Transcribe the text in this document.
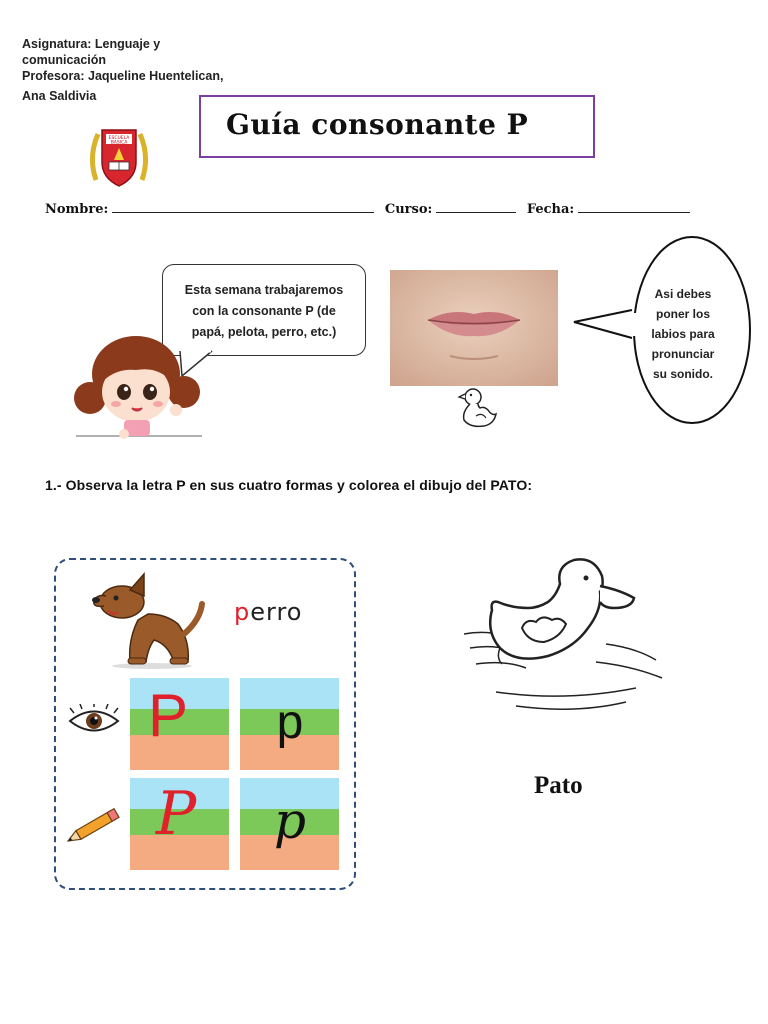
Asignatura: Lenguaje y
comunicación
Profesora: Jaqueline Huentelican,
Ana Saldivia
ESCUELA
BASICA
Guía consonante P
Nombre:	Curso:	Fecha:
Esta semana trabajaremos
con la consonante P (de
papá, pelota, perro, etc.)
Asi debes
poner los
labios para
pronunciar
su sonido.
1.- Observa la letra P en sus cuatro formas y colorea el dibujo del PATO:
perro
P p
P p
Pato
